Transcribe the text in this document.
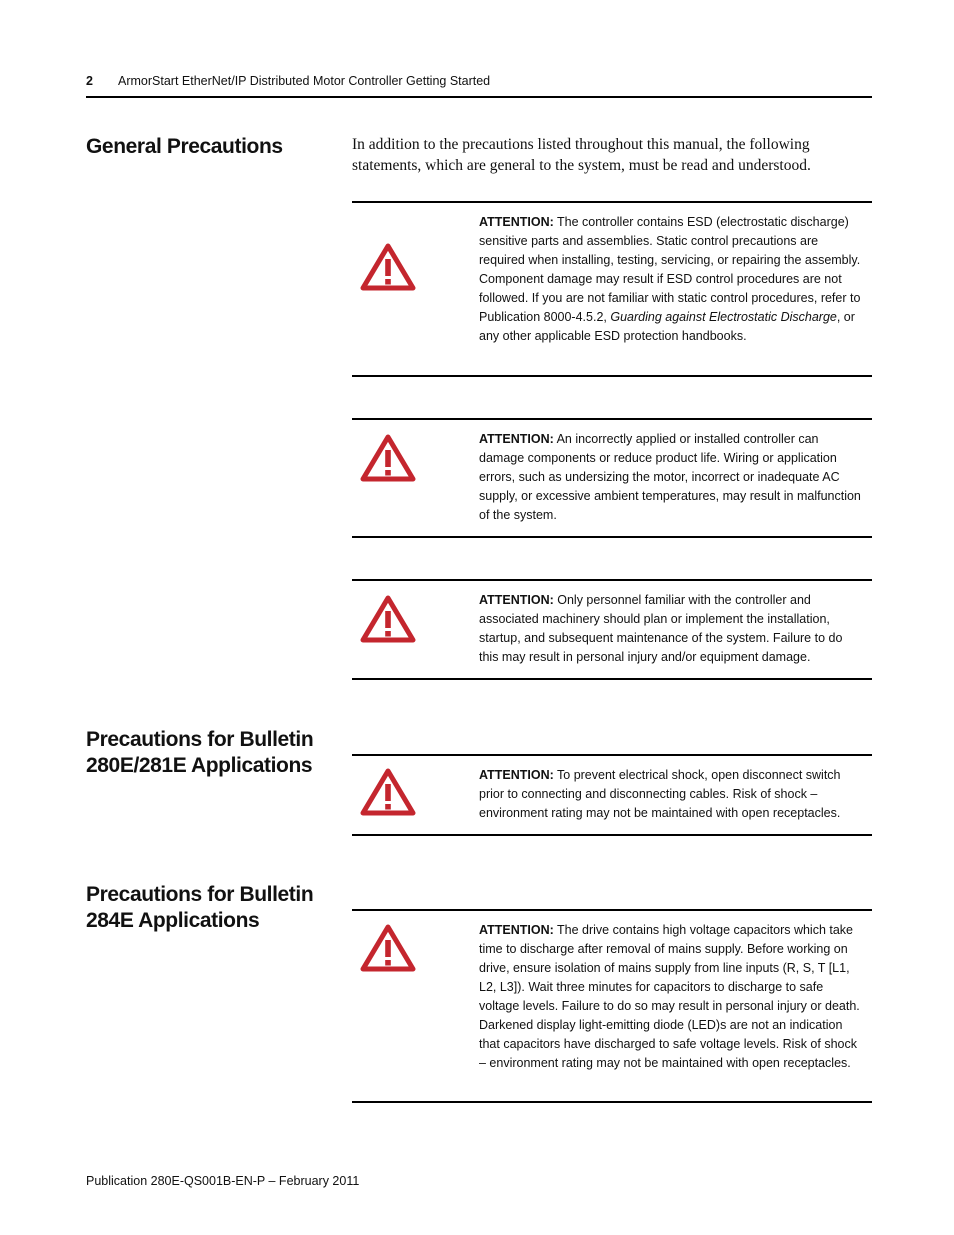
2 ArmorStart EtherNet/IP Distributed Motor Controller Getting Started
General Precautions	In addition to the precautions listed throughout this manual, the following statements, which are general to the system, must be read and understood.
ATTENTION: The controller contains ESD (electrostatic discharge) sensitive parts and assemblies. Static control precautions are required when installing, testing, servicing, or repairing the assembly. Component damage may result if ESD control procedures are not followed. If you are not familiar with static control procedures, refer to Publication 8000-4.5.2, Guarding against Electrostatic Discharge, or any other applicable ESD protection handbooks.
ATTENTION: An incorrectly applied or installed controller can damage components or reduce product life. Wiring or application errors, such as undersizing the motor, incorrect or inadequate AC supply, or excessive ambient temperatures, may result in malfunction of the system.
ATTENTION: Only personnel familiar with the controller and associated machinery should plan or implement the installation, startup, and subsequent maintenance of the system. Failure to do this may result in personal injury and/or equipment damage.
Precautions for Bulletin 280E/281E Applications	ATTENTION: To prevent electrical shock, open disconnect switch prior to connecting and disconnecting cables. Risk of shock – environment rating may not be maintained with open receptacles.
Precautions for Bulletin 284E Applications	ATTENTION: The drive contains high voltage capacitors which take time to discharge after removal of mains supply. Before working on drive, ensure isolation of mains supply from line inputs (R, S, T [L1, L2, L3]). Wait three minutes for capacitors to discharge to safe voltage levels. Failure to do so may result in personal injury or death. Darkened display light-emitting diode (LED)s are not an indication that capacitors have discharged to safe voltage levels. Risk of shock – environment rating may not be maintained with open receptacles.
Publication 280E-QS001B-EN-P – February 2011
